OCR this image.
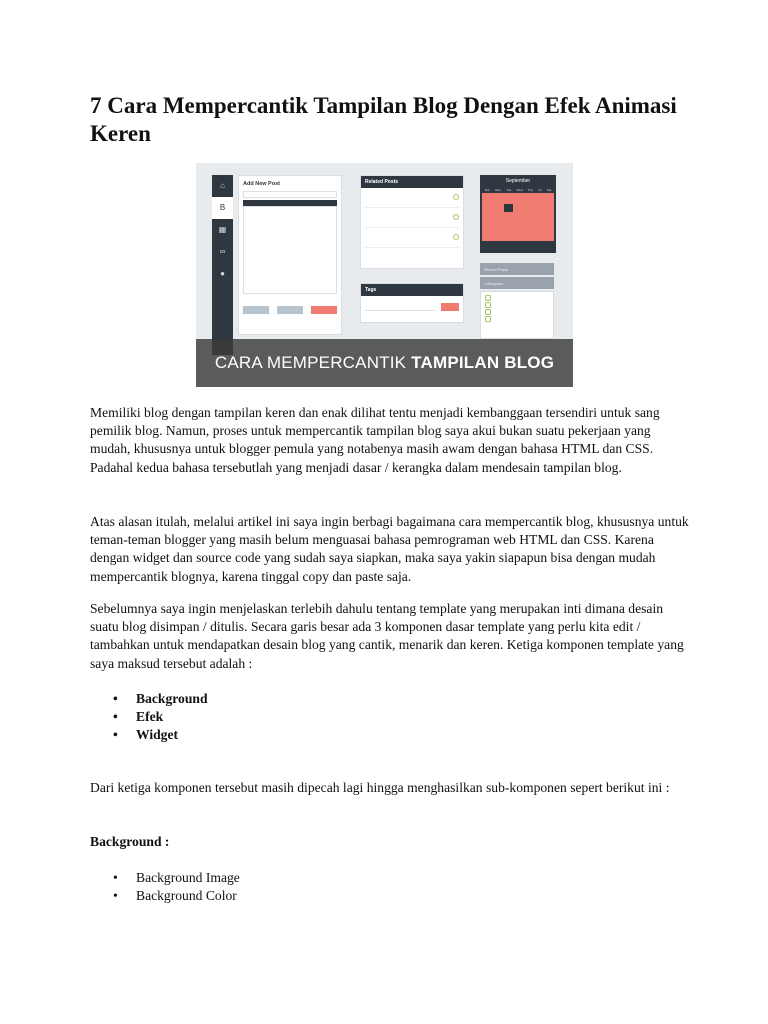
7 Cara Mempercantik Tampilan Blog Dengan Efek Animasi Keren
⌂
B
▦
∞
●
Add New Post	Related Posts

Tags
September
Sun Mon Tue Wed Thu Fri Sat
Recent Posts
Categories

CARA MEMPERCANTIK TAMPILAN BLOG

Memiliki blog dengan tampilan keren dan enak dilihat tentu menjadi kembanggaan tersendiri untuk sang pemilik blog. Namun, proses untuk mempercantik tampilan blog saya akui bukan suatu pekerjaan yang mudah, khususnya untuk blogger pemula yang notabenya masih awam dengan bahasa HTML dan CSS. Padahal kedua bahasa tersebutlah yang menjadi dasar / kerangka dalam mendesain tampilan blog.

Atas alasan itulah, melalui artikel ini saya ingin berbagi bagaimana cara mempercantik blog, khususnya untuk teman-teman blogger yang masih belum menguasai bahasa pemrograman web HTML dan CSS. Karena dengan widget dan source code yang sudah saya siapkan, maka saya yakin siapapun bisa dengan mudah mempercantik blognya, karena tinggal copy dan paste saja.

Sebelumnya saya ingin menjelaskan terlebih dahulu tentang template yang merupakan inti dimana desain suatu blog disimpan / ditulis. Secara garis besar ada 3 komponen dasar template yang perlu kita edit / tambahkan untuk mendapatkan desain blog yang cantik, menarik dan keren. Ketiga komponen template yang saya maksud tersebut adalah :

• Background
• Efek
• Widget

Dari ketiga komponen tersebut masih dipecah lagi hingga menghasilkan sub-komponen sepert berikut ini :

Background :

• Background Image
• Background Color
